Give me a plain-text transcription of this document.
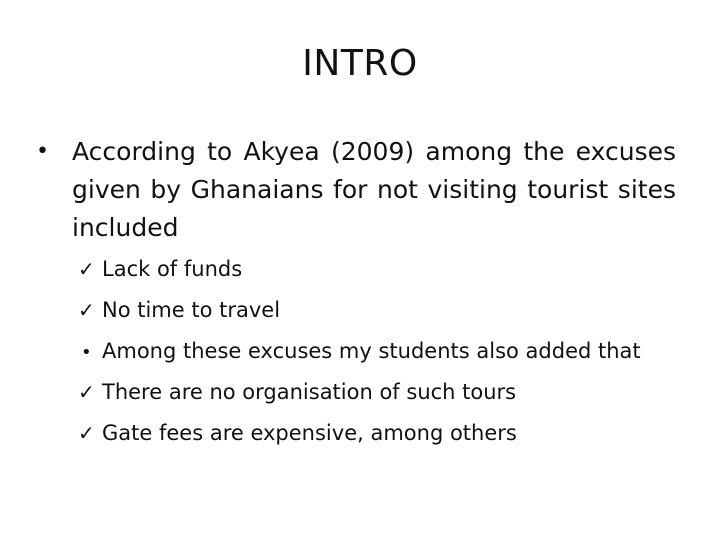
INTRO
• According to Akyea (2009) among the excuses given by Ghanaians for not visiting tourist sites included
✓ Lack of funds
✓ No time to travel
• Among these excuses my students also added that
✓ There are no organisation of such tours
✓ Gate fees are expensive, among others
